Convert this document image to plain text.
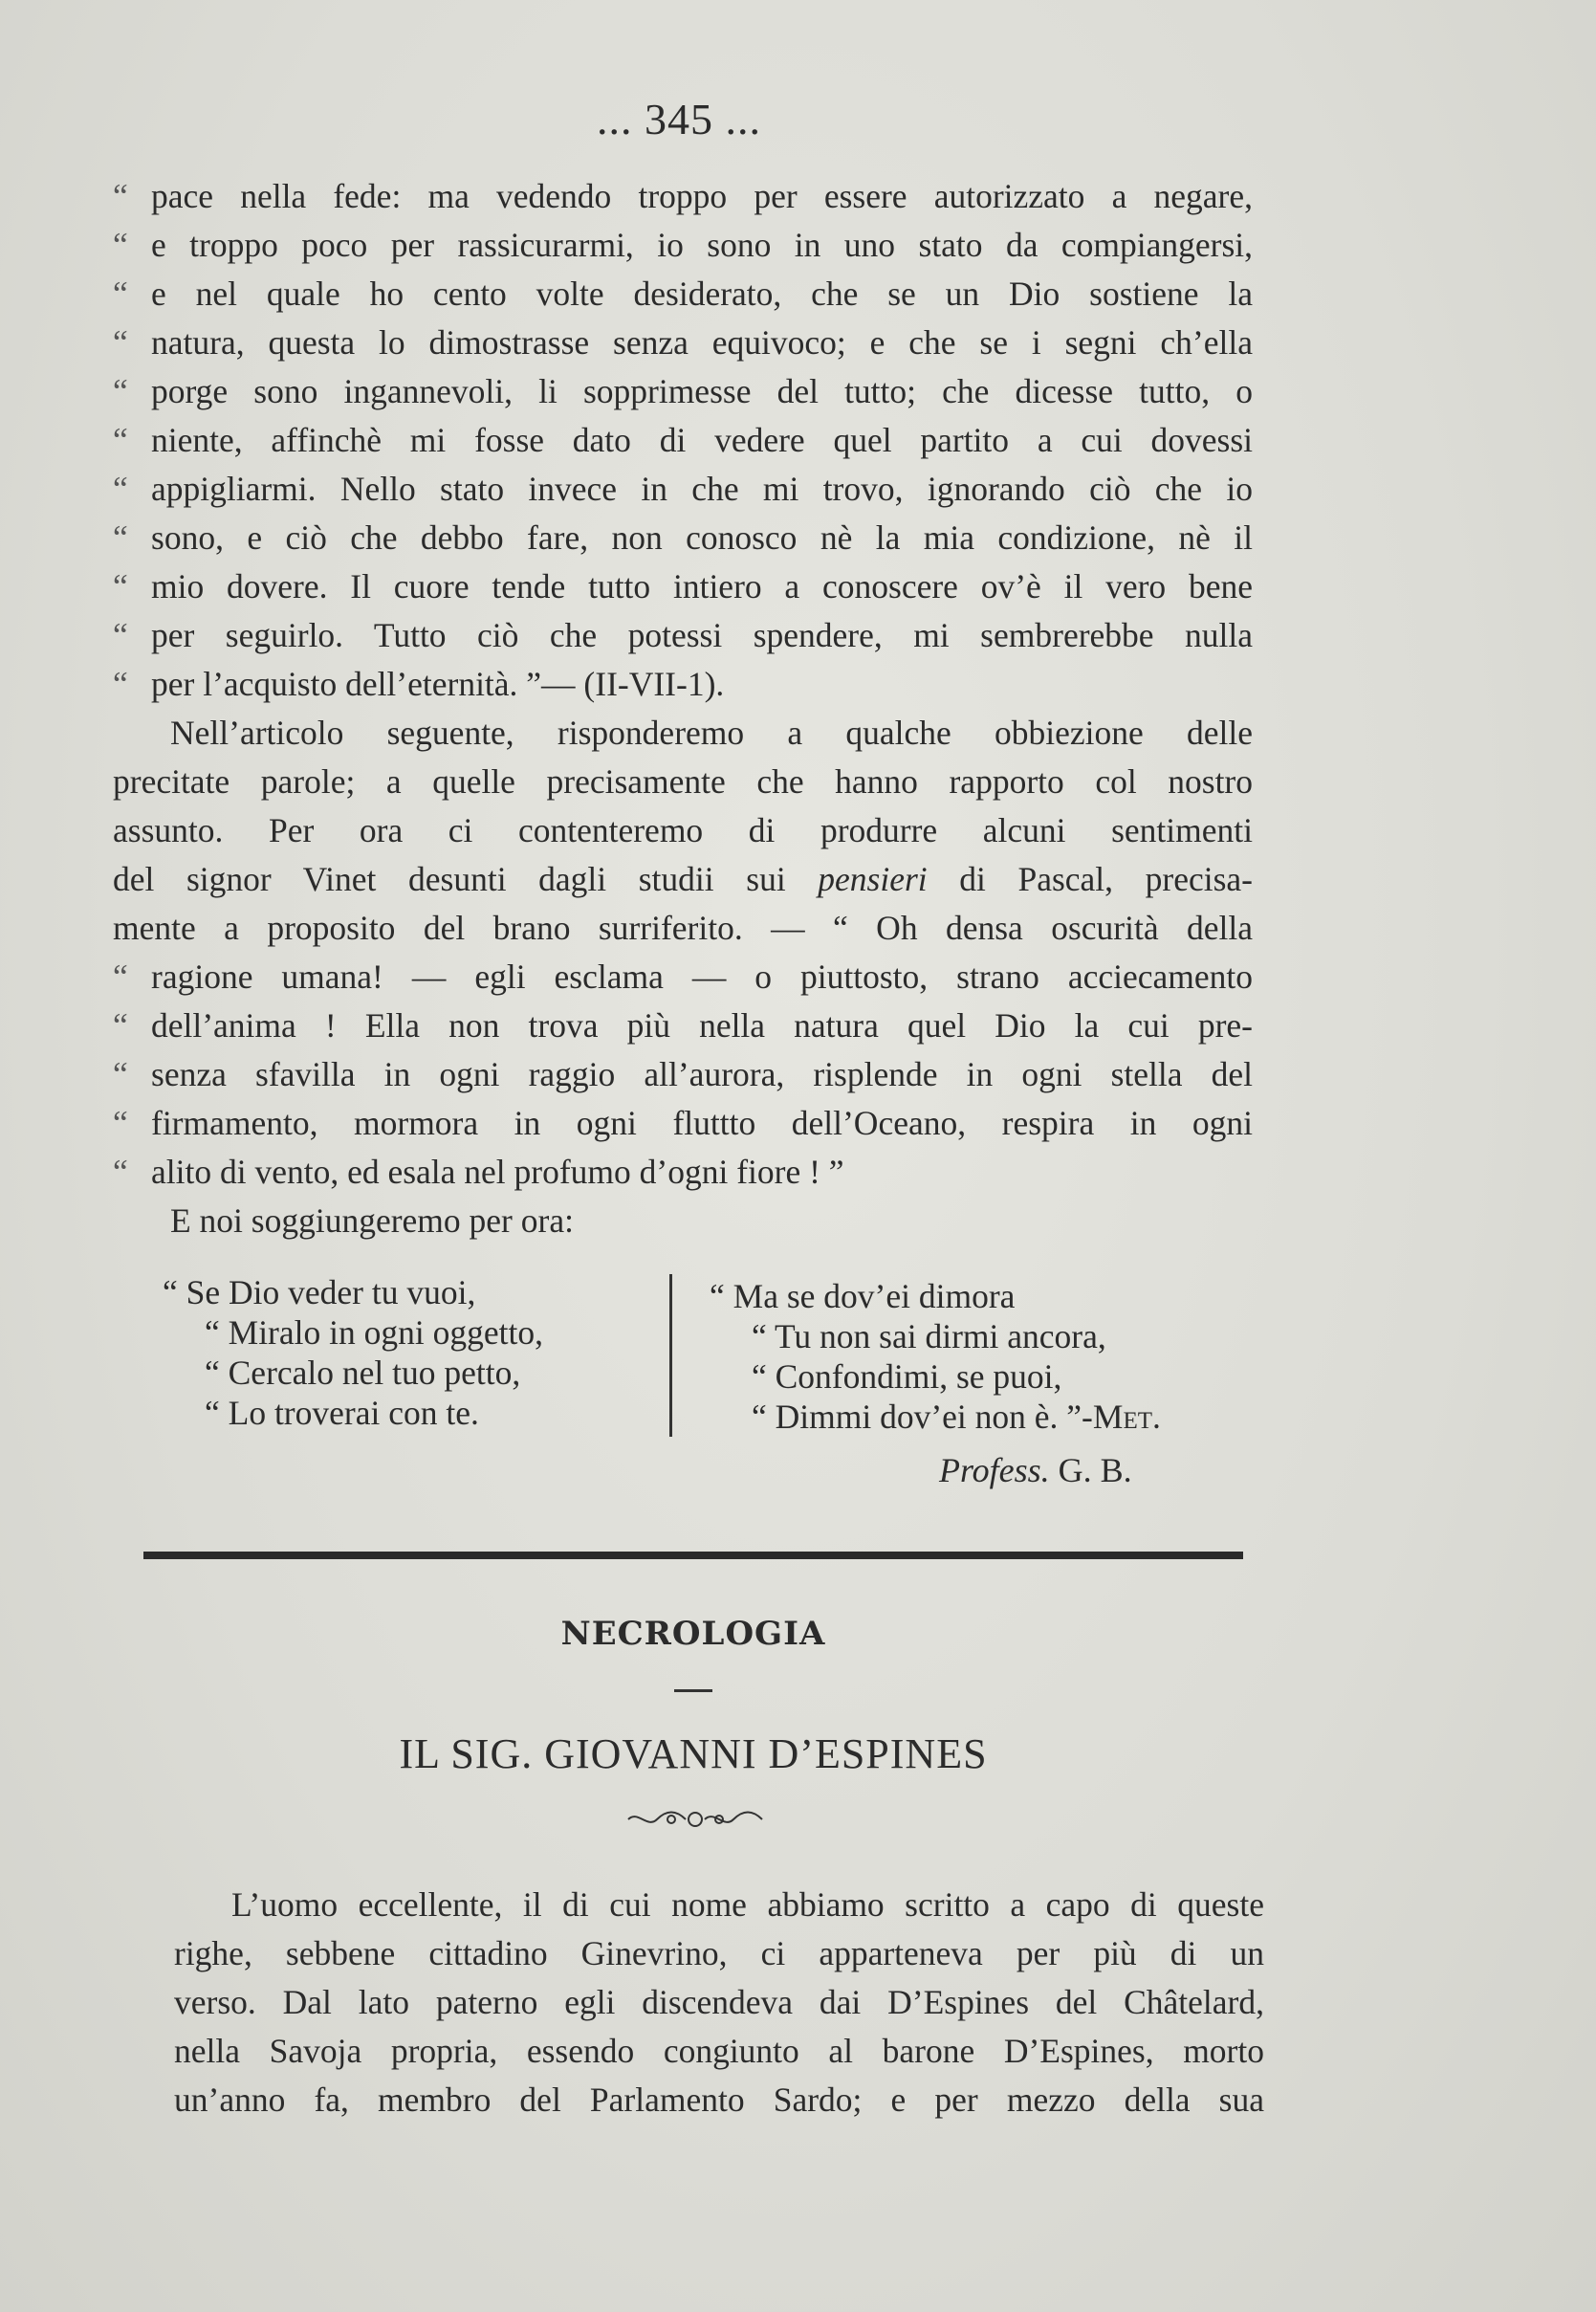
... 345 ...
“ pace nella fede: ma vedendo troppo per essere autorizzato a negare,
“ e troppo poco per rassicurarmi, io sono in uno stato da compiangersi,
“ e nel quale ho cento volte desiderato, che se un Dio sostiene la
“ natura, questa lo dimostrasse senza equivoco; e che se i segni ch’ella
“ porge sono ingannevoli, li sopprimesse del tutto; che dicesse tutto, o
“ niente, affinchè mi fosse dato di vedere quel partito a cui dovessi
“ appigliarmi. Nello stato invece in che mi trovo, ignorando ciò che io
“ sono, e ciò che debbo fare, non conosco nè la mia condizione, nè il
“ mio dovere. Il cuore tende tutto intiero a conoscere ov’è il vero bene
“ per seguirlo. Tutto ciò che potessi spendere, mi sembrerebbe nulla
“ per l’acquisto dell’eternità. ”— (II-VII-1).
Nell’articolo seguente, risponderemo a qualche obbiezione delle
precitate parole; a quelle precisamente che hanno rapporto col nostro
assunto. Per ora ci contenteremo di produrre alcuni sentimenti
del signor Vinet desunti dagli studii sui pensieri di Pascal, precisa-
mente a proposito del brano surriferito. — “ Oh densa oscurità della
“ ragione umana! — egli esclama — o piuttosto, strano acciecamento
“ dell’anima ! Ella non trova più nella natura quel Dio la cui pre-
“ senza sfavilla in ogni raggio all’aurora, risplende in ogni stella del
“ firmamento, mormora in ogni fluttto dell’Oceano, respira in ogni
“ alito di vento, ed esala nel profumo d’ogni fiore ! ”
E noi soggiungeremo per ora:
“ Se Dio veder tu vuoi,
“ Miralo in ogni oggetto,
“ Cercalo nel tuo petto,
“ Lo troverai con te.
“ Ma se dov’ei dimora
“ Tu non sai dirmi ancora,
“ Confondimi, se puoi,
“ Dimmi dov’ei non è. ”-Met.
Profess. G. B.
NECROLOGIA
IL SIG. GIOVANNI D’ESPINES
L’uomo eccellente, il di cui nome abbiamo scritto a capo di queste
righe, sebbene cittadino Ginevrino, ci apparteneva per più di un
verso. Dal lato paterno egli discendeva dai D’Espines del Châtelard,
nella Savoja propria, essendo congiunto al barone D’Espines, morto
un’anno fa, membro del Parlamento Sardo; e per mezzo della sua
